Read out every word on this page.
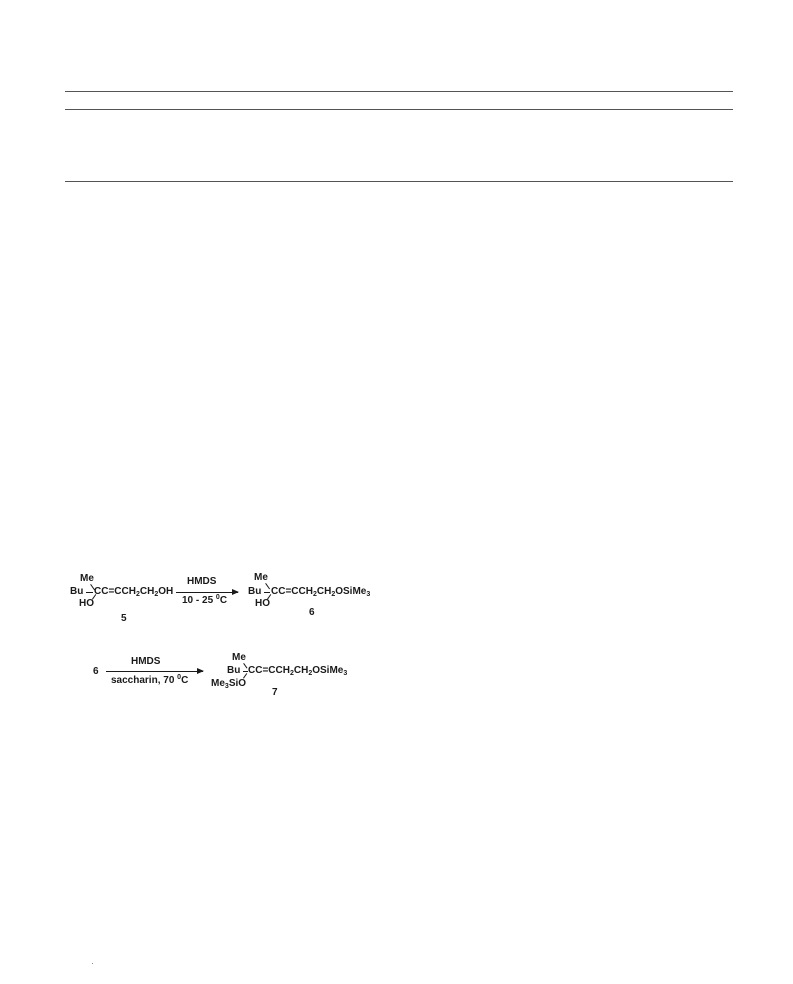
Me
Bu $CC=CCH_2CH_2OH$
HO
5
HMDS
10 - 25 $^0$C
Me
Bu $CC=CCH_2CH_2OSiMe_3$
HO
6
6
HMDS
saccharin, 70 $^0$C
Me
Bu $CC=CCH_2CH_2OSiMe_3$
$Me_3SiO$
7
